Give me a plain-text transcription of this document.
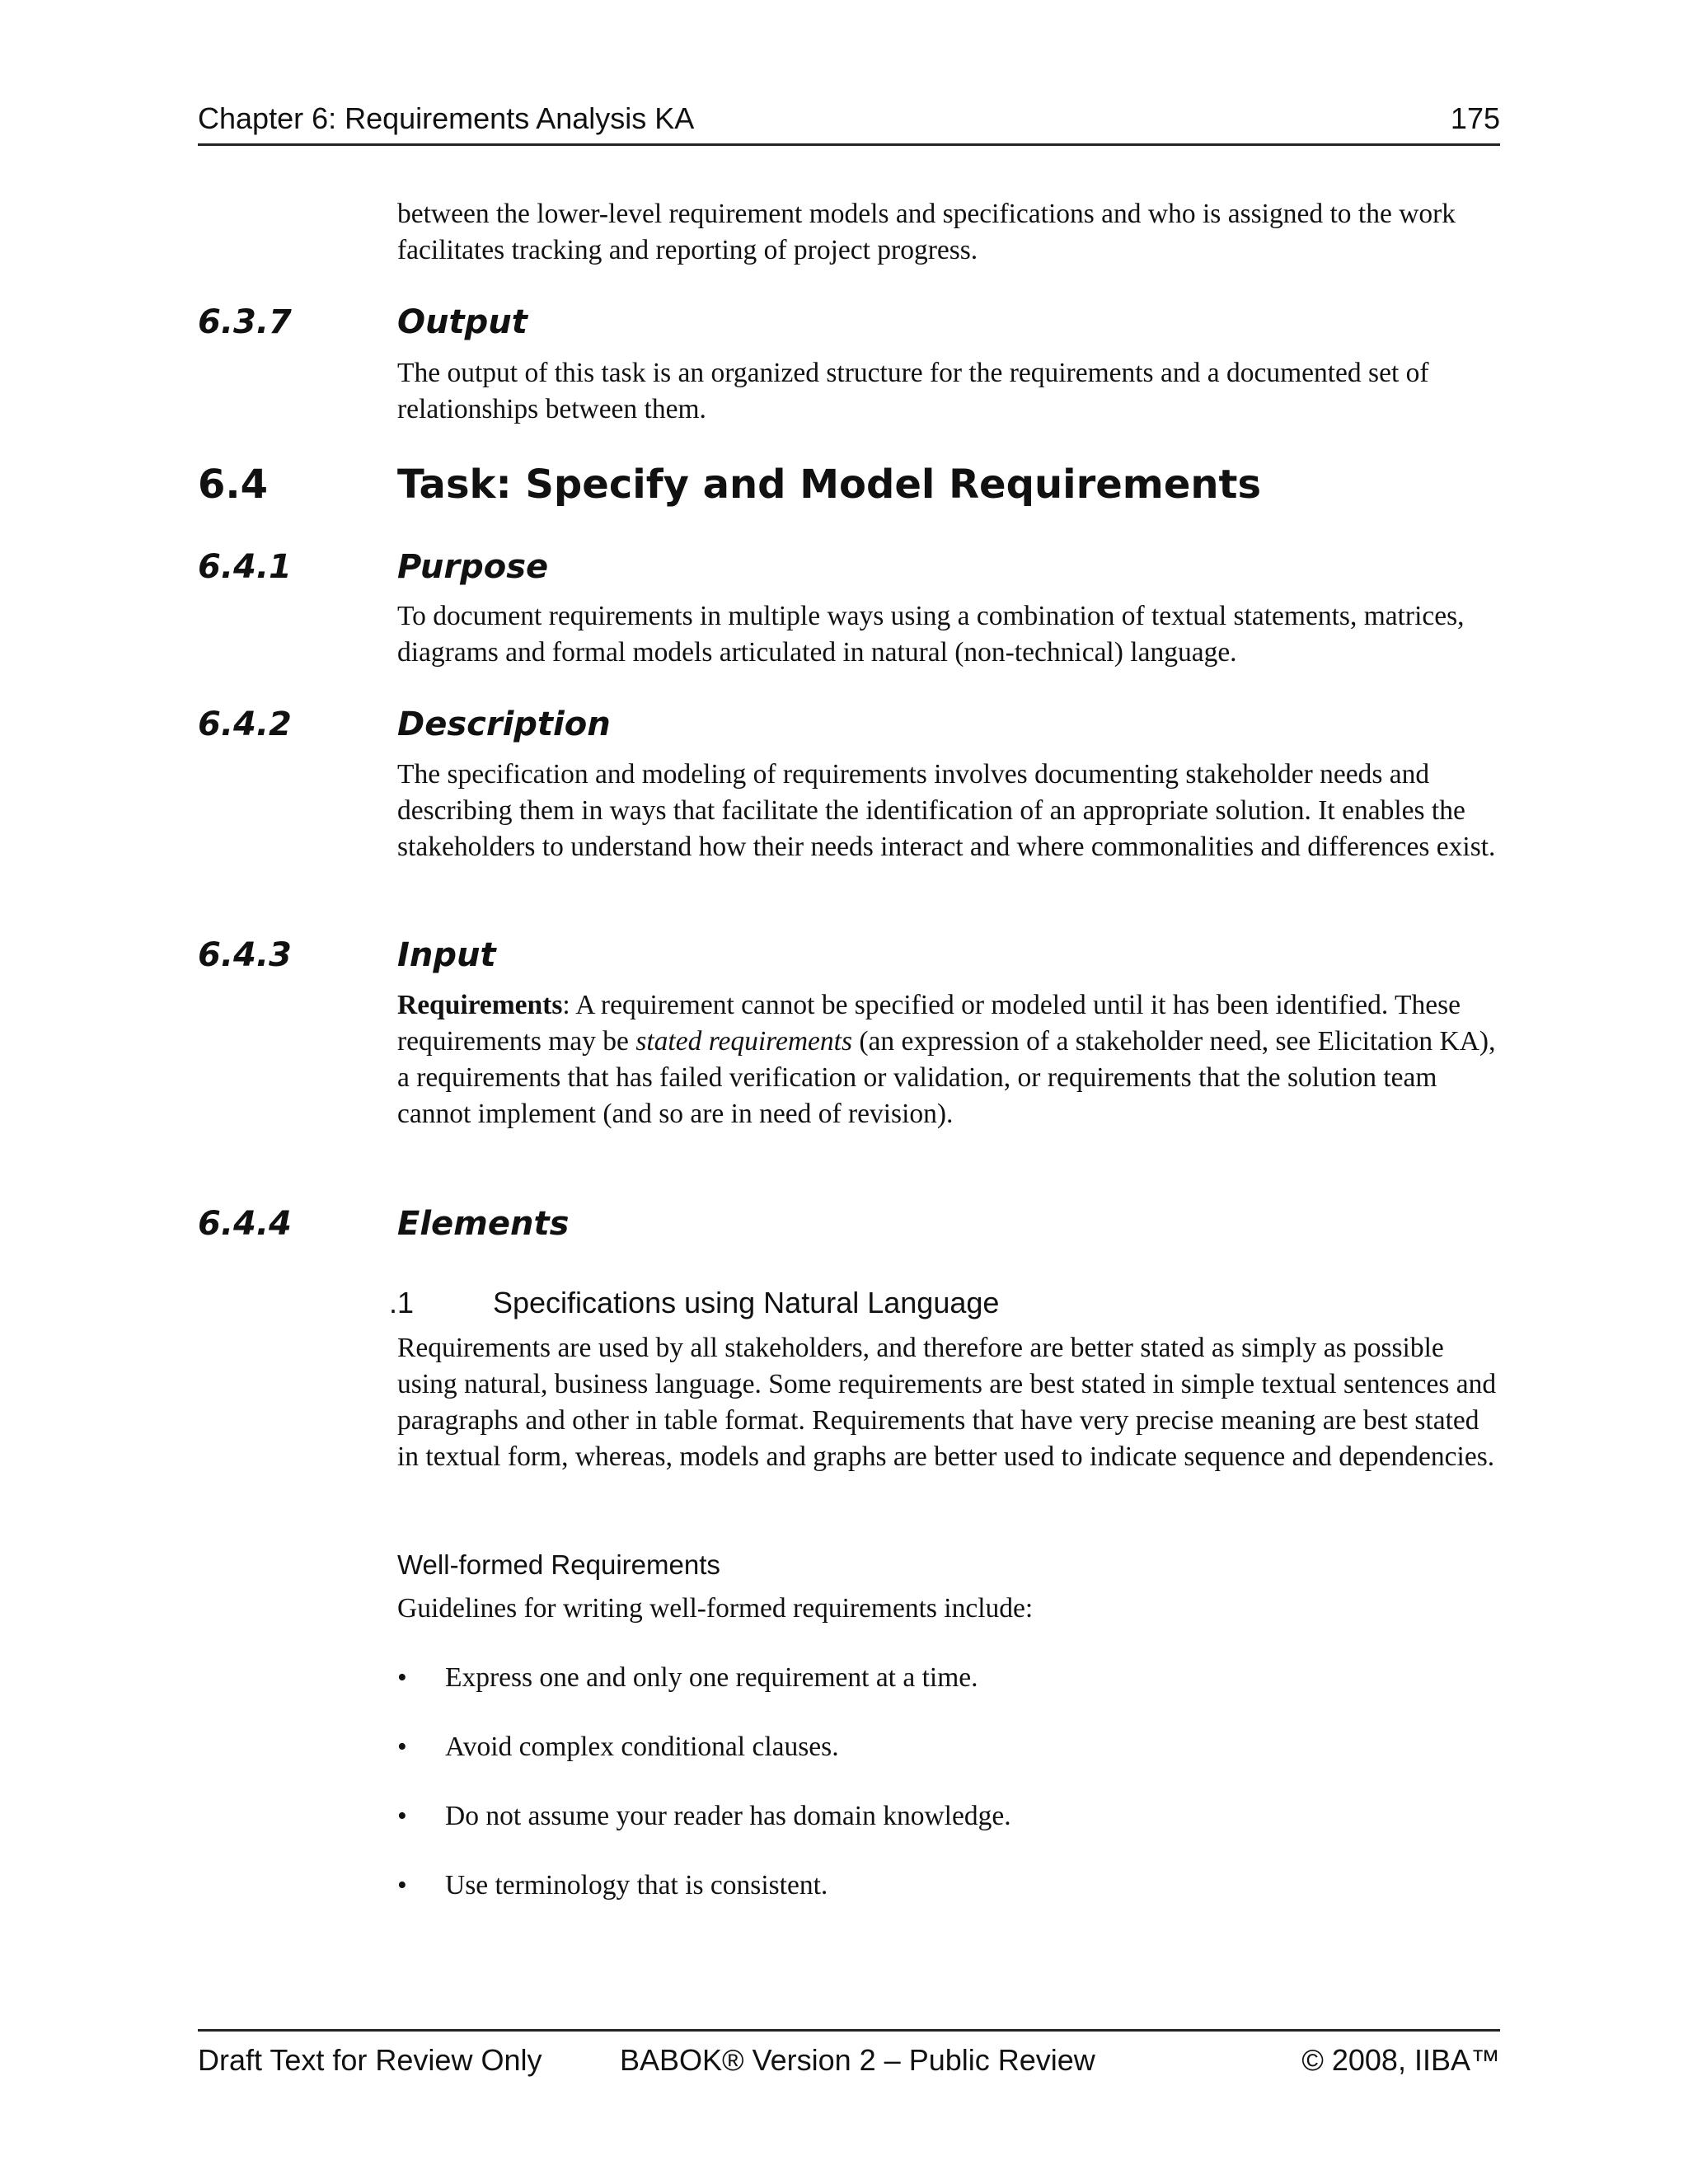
Chapter 6: Requirements Analysis KA	175

between the lower-level requirement models and specifications and who is assigned to the work facilitates tracking and reporting of project progress.

6.3.7	Output

The output of this task is an organized structure for the requirements and a documented set of relationships between them.

6.4	Task: Specify and Model Requirements
6.4.1	Purpose

To document requirements in multiple ways using a combination of textual statements, matrices, diagrams and formal models articulated in natural (non-technical) language.

6.4.2	Description

The specification and modeling of requirements involves documenting stakeholder needs and describing them in ways that facilitate the identification of an appropriate solution. It enables the stakeholders to understand how their needs interact and where commonalities and differences exist.

6.4.3	Input

Requirements: A requirement cannot be specified or modeled until it has been identified. These requirements may be stated requirements (an expression of a stakeholder need, see Elicitation KA), a requirements that has failed verification or validation, or requirements that the solution team cannot implement (and so are in need of revision).

6.4.4	Elements
.1	Specifications using Natural Language

Requirements are used by all stakeholders, and therefore are better stated as simply as possible using natural, business language. Some requirements are best stated in simple textual sentences and paragraphs and other in table format. Requirements that have very precise meaning are best stated in textual form, whereas, models and graphs are better used to indicate sequence and dependencies.

Well-formed Requirements

Guidelines for writing well-formed requirements include:

• Express one and only one requirement at a time.
• Avoid complex conditional clauses.
• Do not assume your reader has domain knowledge.
• Use terminology that is consistent.
Draft Text for Review Only	BABOK® Version 2 – Public Review	© 2008, IIBA™
